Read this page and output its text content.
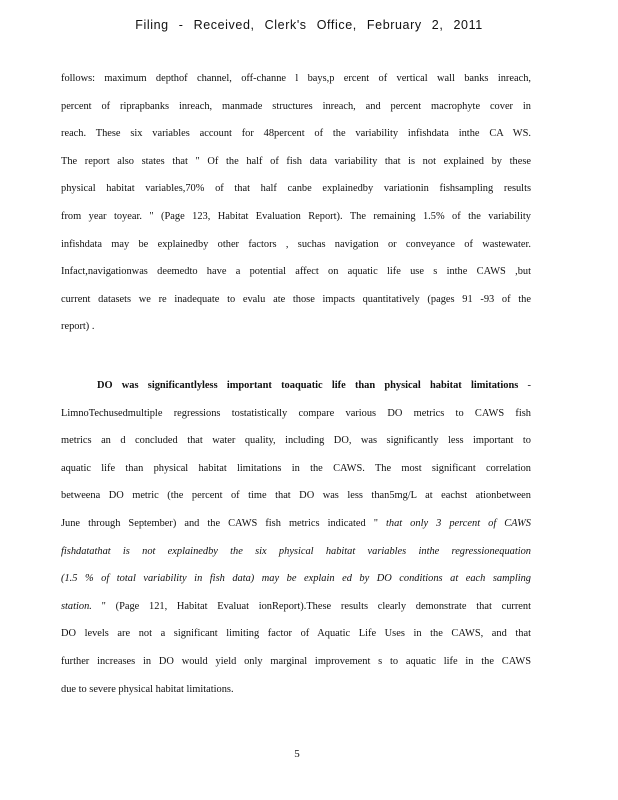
Filing - Received, Clerk's Office, February 2, 2011
follows: maximum depthof channel, off-channe l bays,p ercent of vertical wall banks inreach,
percent of riprapbanks inreach, manmade structures inreach, and percent macrophyte cover in
reach. These six variables account for 48percent of the variability infishdata inthe CA WS.
The report also states that " Of the half of fish data variability that is not explained by these
physical habitat variables,70% of that half canbe explainedby variationin fishsampling results
from year toyear. " (Page 123, Habitat Evaluation Report). The remaining 1.5% of the variability
infishdata may be explainedby other factors , suchas navigation or conveyance of wastewater.
Infact,navigationwas deemedto have a potential affect on aquatic life use s inthe CAWS ,but
current datasets we re inadequate to evalu ate those impacts quantitatively (pages 91 -93 of the
report) .
DO was significantlyless important toaquatic life than physical habitat limitations -
LimnoTechusedmultiple regressions tostatistically compare various DO metrics to CAWS fish
metrics an d concluded that water quality, including DO, was significantly less important to
aquatic life than physical habitat limitations in the CAWS. The most significant correlation
betweena DO metric (the percent of time that DO was less than5mg/L at eachst ationbetween
June through September) and the CAWS fish metrics indicated " that only 3 percent of CAWS
fishdatathat is not explainedby the six physical habitat variables inthe regressionequation
(1.5 % of total variability in fish data) may be explain ed by DO conditions at each sampling
station. " (Page 121, Habitat Evaluat ionReport).These results clearly demonstrate that current
DO levels are not a significant limiting factor of Aquatic Life Uses in the CAWS, and that
further increases in DO would yield only marginal improvement s to aquatic life in the CAWS
due to severe physical habitat limitations.
5
